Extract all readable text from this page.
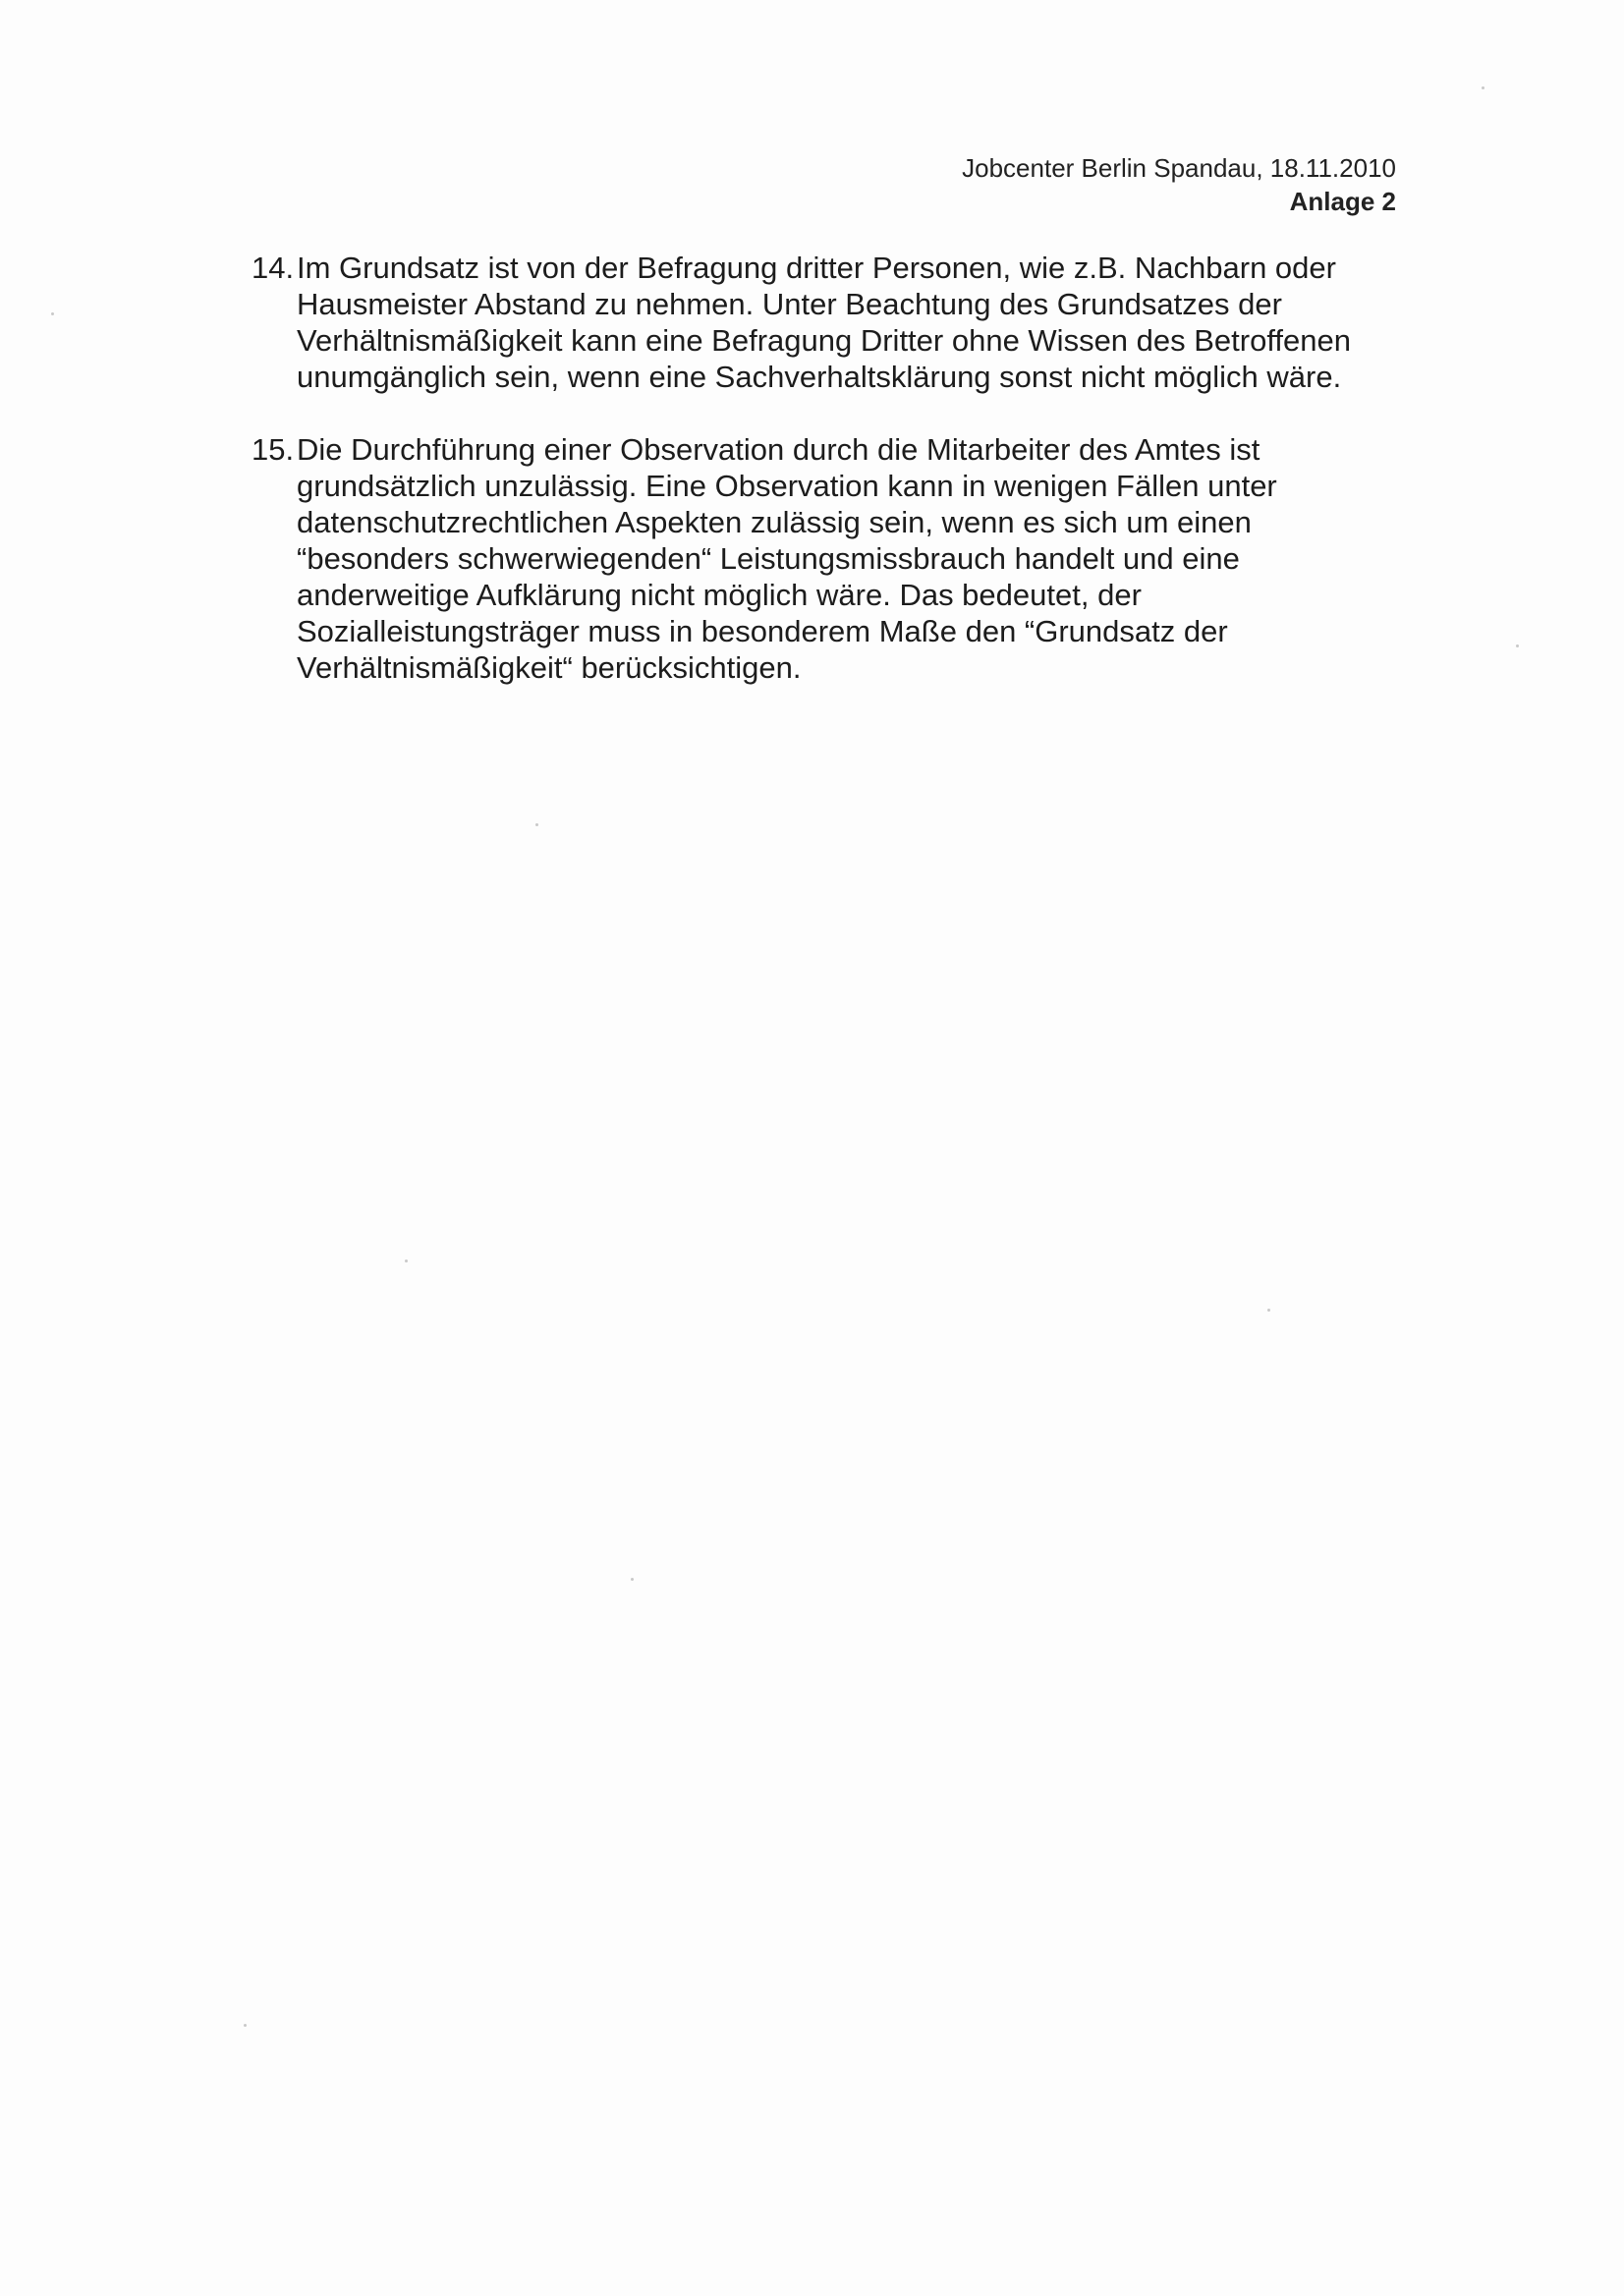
Jobcenter Berlin Spandau, 18.11.2010
Anlage 2
14. Im Grundsatz ist von der Befragung dritter Personen, wie z.B. Nachbarn oder Hausmeister Abstand zu nehmen. Unter Beachtung des Grundsatzes der Verhältnismäßigkeit kann eine Befragung Dritter ohne Wissen des Betroffenen unumgänglich sein, wenn eine Sachverhaltsklärung sonst nicht möglich wäre.
15. Die Durchführung einer Observation durch die Mitarbeiter des Amtes ist grundsätzlich unzulässig. Eine Observation kann in wenigen Fällen unter datenschutzrechtlichen Aspekten zulässig sein, wenn es sich um einen “besonders schwerwiegenden“ Leistungsmissbrauch handelt und eine anderweitige Aufklärung nicht möglich wäre. Das bedeutet, der Sozialleistungsträger muss in besonderem Maße den “Grundsatz der Verhältnismäßigkeit“ berücksichtigen.
